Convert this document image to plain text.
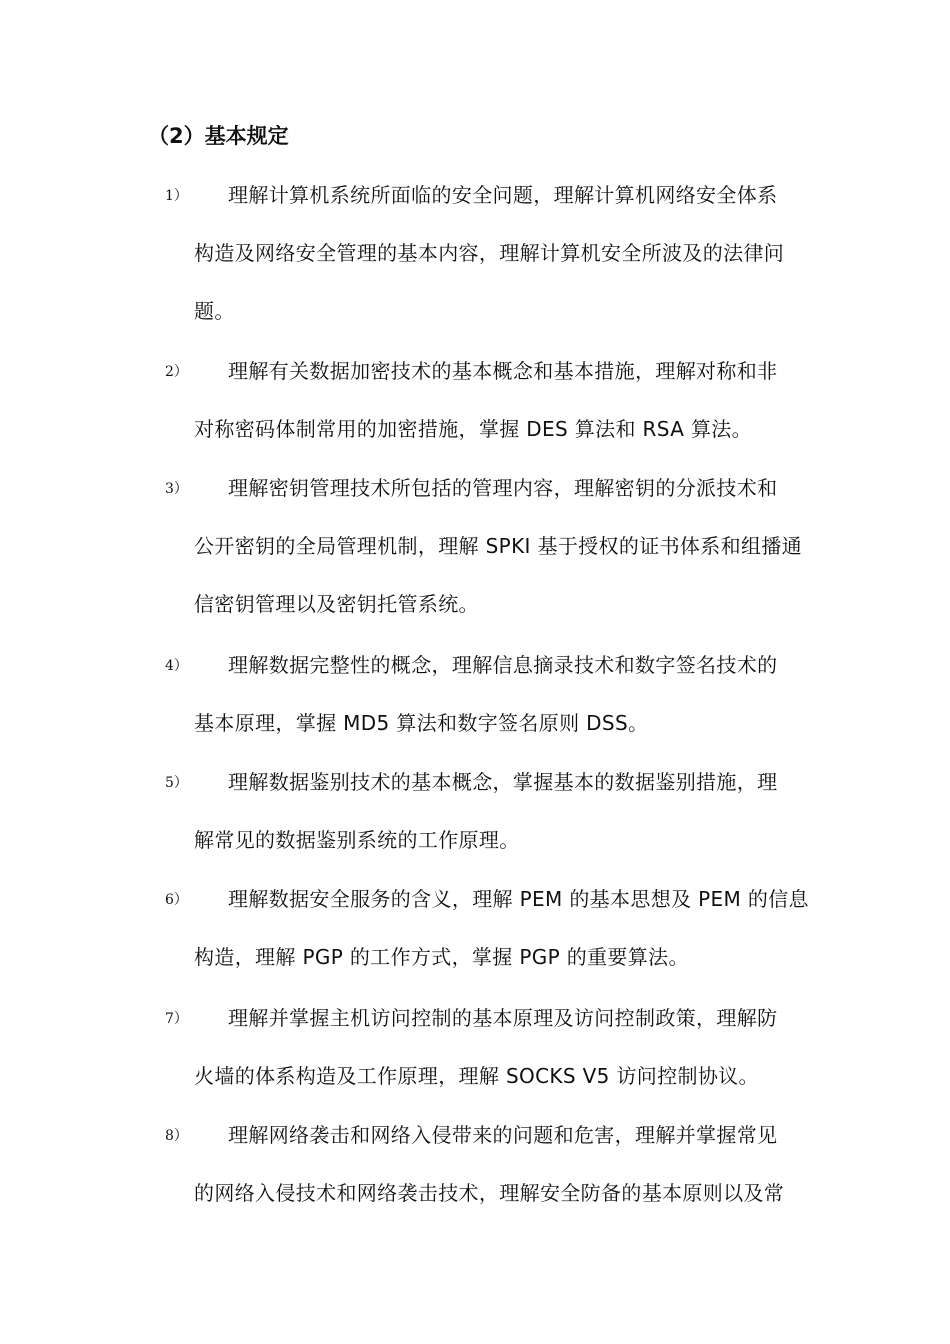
（2）基本规定
1） 理解计算机系统所面临的安全问题，理解计算机网络安全体系
构造及网络安全管理的基本内容，理解计算机安全所波及的法律问
题。
2） 理解有关数据加密技术的基本概念和基本措施，理解对称和非
对称密码体制常用的加密措施，掌握 DES 算法和 RSA 算法。
3） 理解密钥管理技术所包括的管理内容，理解密钥的分派技术和
公开密钥的全局管理机制，理解 SPKI 基于授权的证书体系和组播通
信密钥管理以及密钥托管系统。
4） 理解数据完整性的概念，理解信息摘录技术和数字签名技术的
基本原理，掌握 MD5 算法和数字签名原则 DSS。
5） 理解数据鉴别技术的基本概念，掌握基本的数据鉴别措施，理
解常见的数据鉴别系统的工作原理。
6） 理解数据安全服务的含义，理解 PEM 的基本思想及 PEM 的信息
构造，理解 PGP 的工作方式，掌握 PGP 的重要算法。
7） 理解并掌握主机访问控制的基本原理及访问控制政策，理解防
火墙的体系构造及工作原理，理解 SOCKS V5 访问控制协议。
8） 理解网络袭击和网络入侵带来的问题和危害，理解并掌握常见
的网络入侵技术和网络袭击技术，理解安全防备的基本原则以及常
